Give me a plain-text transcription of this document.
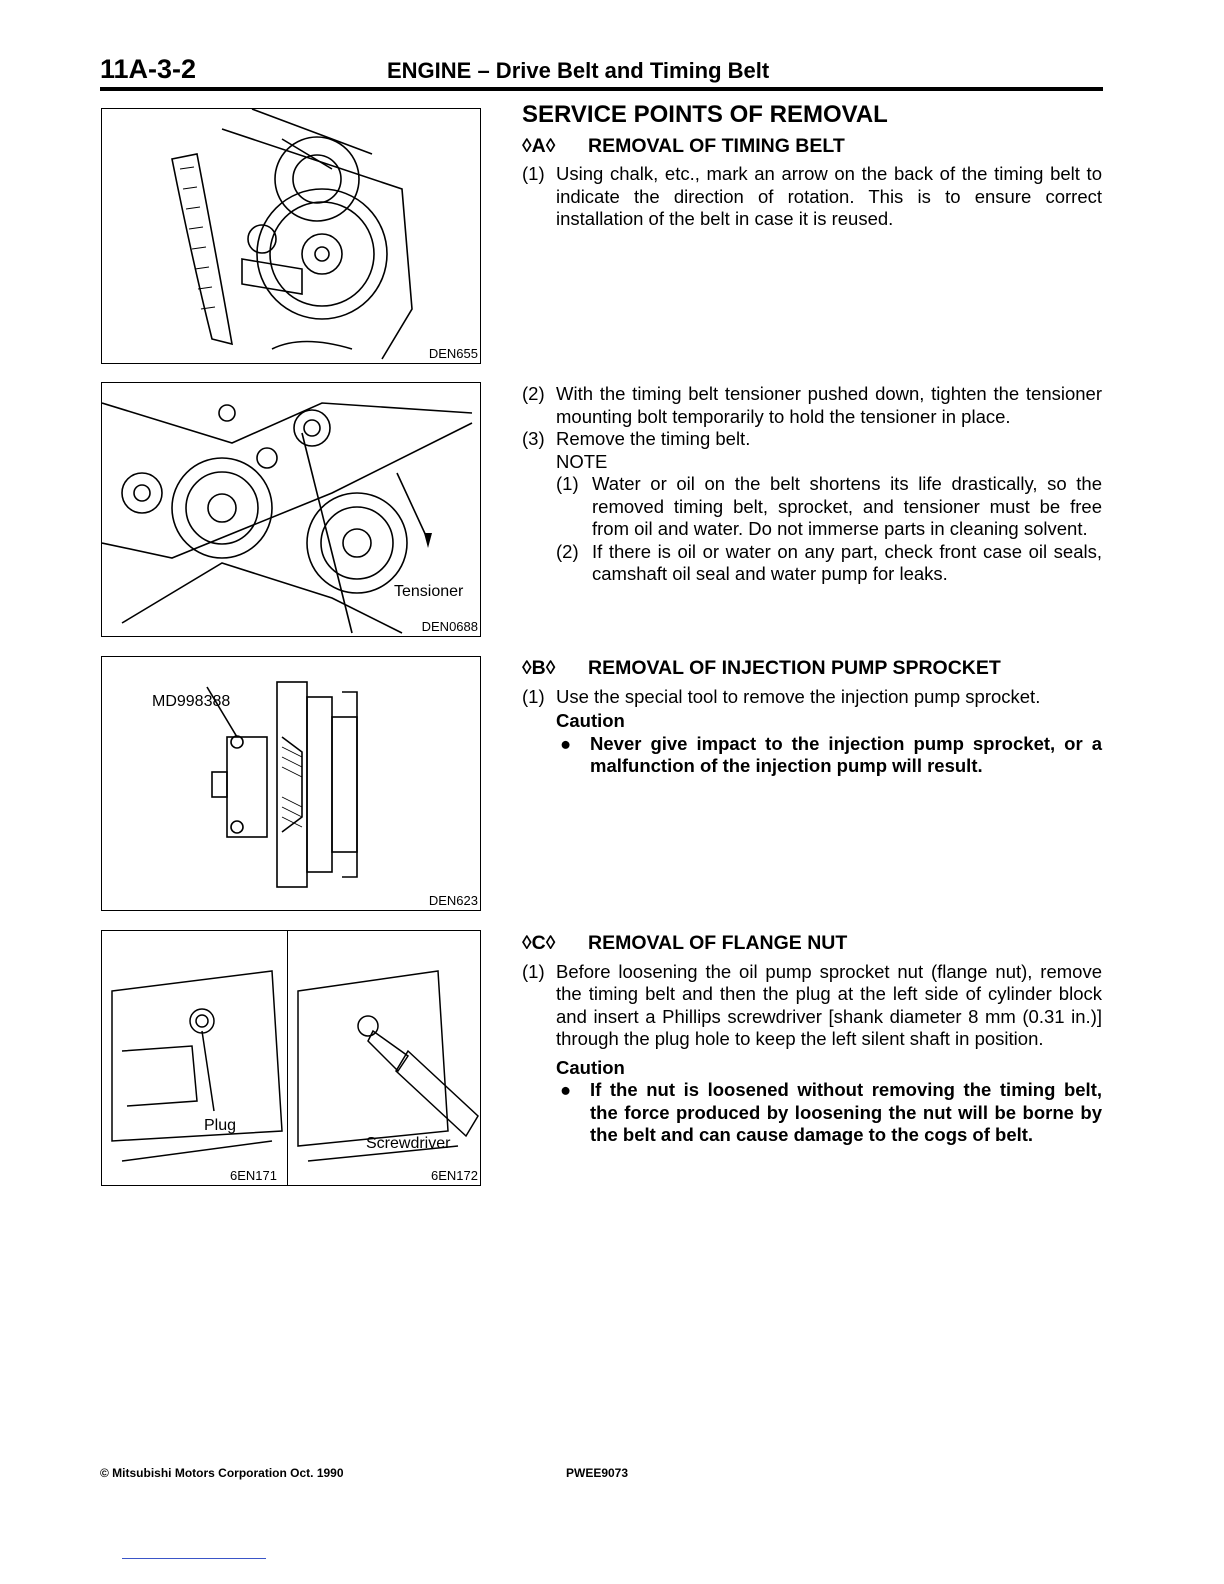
11A-3-2	ENGINE – Drive Belt and Timing Belt
DEN655
Tensioner
DEN0688
MD998388
DEN623
Plug
6EN171
Screwdriver
6EN172
SERVICE POINTS OF REMOVAL
◊A◊	REMOVAL OF TIMING BELT
(1) Using chalk, etc., mark an arrow on the back of the timing belt to indicate the direction of rotation. This is to ensure correct installation of the belt in case it is reused.
(2) With the timing belt tensioner pushed down, tighten the tensioner mounting bolt temporarily to hold the tensioner in place.
(3) Remove the timing belt.
NOTE
(1) Water or oil on the belt shortens its life drastically, so the removed timing belt, sprocket, and tensioner must be free from oil and water. Do not immerse parts in cleaning solvent.
(2) If there is oil or water on any part, check front case oil seals, camshaft oil seal and water pump for leaks.
◊B◊	REMOVAL OF INJECTION PUMP SPROCKET
(1) Use the special tool to remove the injection pump sprocket.
Caution
● Never give impact to the injection pump sprocket, or a malfunction of the injection pump will result.
◊C◊	REMOVAL OF FLANGE NUT
(1) Before loosening the oil pump sprocket nut (flange nut), remove the timing belt and then the plug at the left side of cylinder block and insert a Phillips screwdriver [shank diameter 8 mm (0.31 in.)] through the plug hole to keep the left silent shaft in position.
Caution
● If the nut is loosened without removing the timing belt, the force produced by loosening the nut will be borne by the belt and can cause damage to the cogs of belt.
© Mitsubishi Motors Corporation Oct. 1990	PWEE9073
